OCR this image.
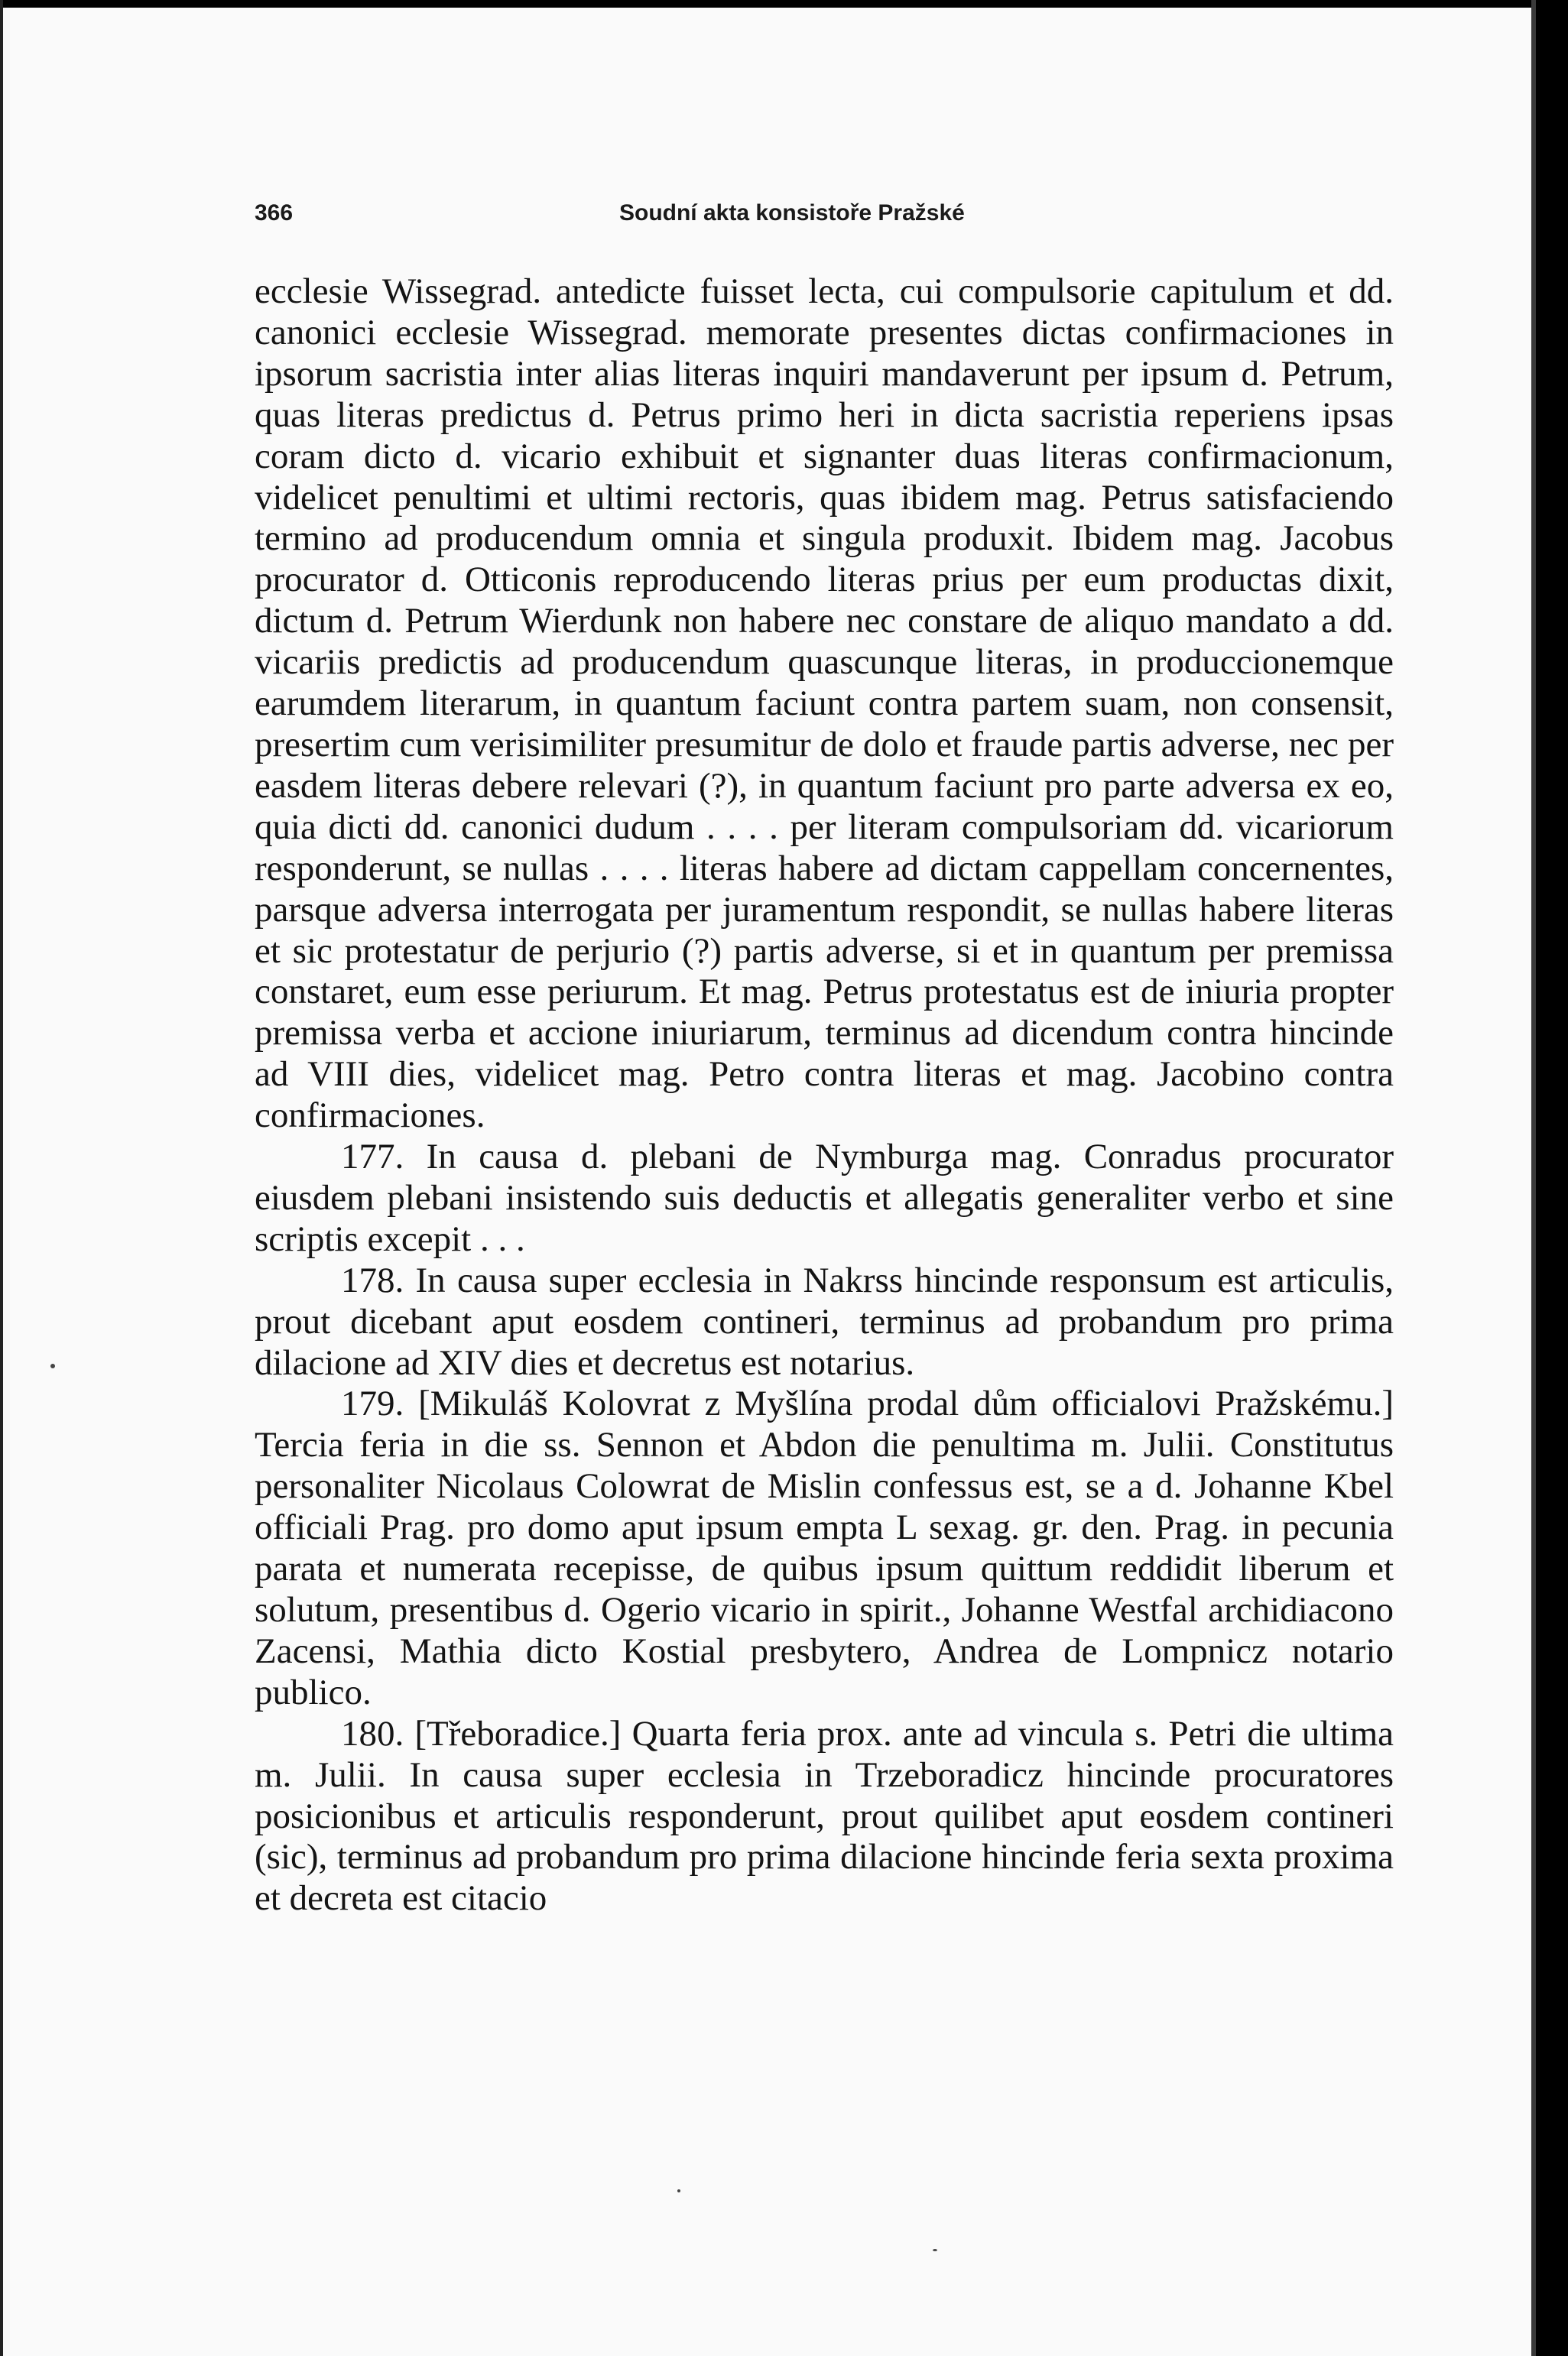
366	Soudní akta konsistoře Pražské

ecclesie Wissegrad. antedicte fuisset lecta, cui compulsorie capitulum et dd. canonici ecclesie Wissegrad. memorate presentes dictas confirmaciones in ipsorum sacristia inter alias literas inquiri mandaverunt per ipsum d. Petrum, quas literas predictus d. Petrus primo heri in dicta sacristia reperiens ipsas coram dicto d. vicario exhibuit et signanter duas literas confirmacionum, videlicet penultimi et ultimi rectoris, quas ibidem mag. Petrus satisfaciendo termino ad producendum omnia et singula produxit. Ibidem mag. Jacobus procurator d. Otticonis reproducendo literas prius per eum productas dixit, dictum d. Petrum Wierdunk non habere nec constare de aliquo mandato a dd. vicariis predictis ad producendum quascunque literas, in produccionemque earumdem literarum, in quantum faciunt contra partem suam, non consensit, presertim cum verisimiliter presumitur de dolo et fraude partis adverse, nec per easdem literas debere relevari (?), in quantum faciunt pro parte adversa ex eo, quia dicti dd. canonici dudum . . . . per literam compulsoriam dd. vicariorum responderunt, se nullas . . . . literas habere ad dictam cappellam concernentes, parsque adversa interrogata per juramentum respondit, se nullas habere literas et sic protestatur de perjurio (?) partis adverse, si et in quantum per premissa constaret, eum esse periurum. Et mag. Petrus protestatus est de iniuria propter premissa verba et accione iniuriarum, terminus ad dicendum contra hincinde ad VIII dies, videlicet mag. Petro contra literas et mag. Jacobino contra confirmaciones.

177. In causa d. plebani de Nymburga mag. Conradus procurator eiusdem plebani insistendo suis deductis et allegatis generaliter verbo et sine scriptis excepit . . .

178. In causa super ecclesia in Nakrss hincinde responsum est articulis, prout dicebant aput eosdem contineri, terminus ad probandum pro prima dilacione ad XIV dies et decretus est notarius.

179. [Mikuláš Kolovrat z Myšlína prodal dům officialovi Pražskému.] Tercia feria in die ss. Sennon et Abdon die penultima m. Julii. Constitutus personaliter Nicolaus Colowrat de Mislin confessus est, se a d. Johanne Kbel officiali Prag. pro domo aput ipsum empta L sexag. gr. den. Prag. in pecunia parata et numerata recepisse, de quibus ipsum quittum reddidit liberum et solutum, presentibus d. Ogerio vicario in spirit., Johanne Westfal archidiacono Zacensi, Mathia dicto Kostial presbytero, Andrea de Lompnicz notario publico.

180. [Třeboradice.] Quarta feria prox. ante ad vincula s. Petri die ultima m. Julii. In causa super ecclesia in Trzeboradicz hincinde procuratores posicionibus et articulis responderunt, prout quilibet aput eosdem contineri (sic), terminus ad probandum pro prima dilacione hincinde feria sexta proxima et decreta est citacio
